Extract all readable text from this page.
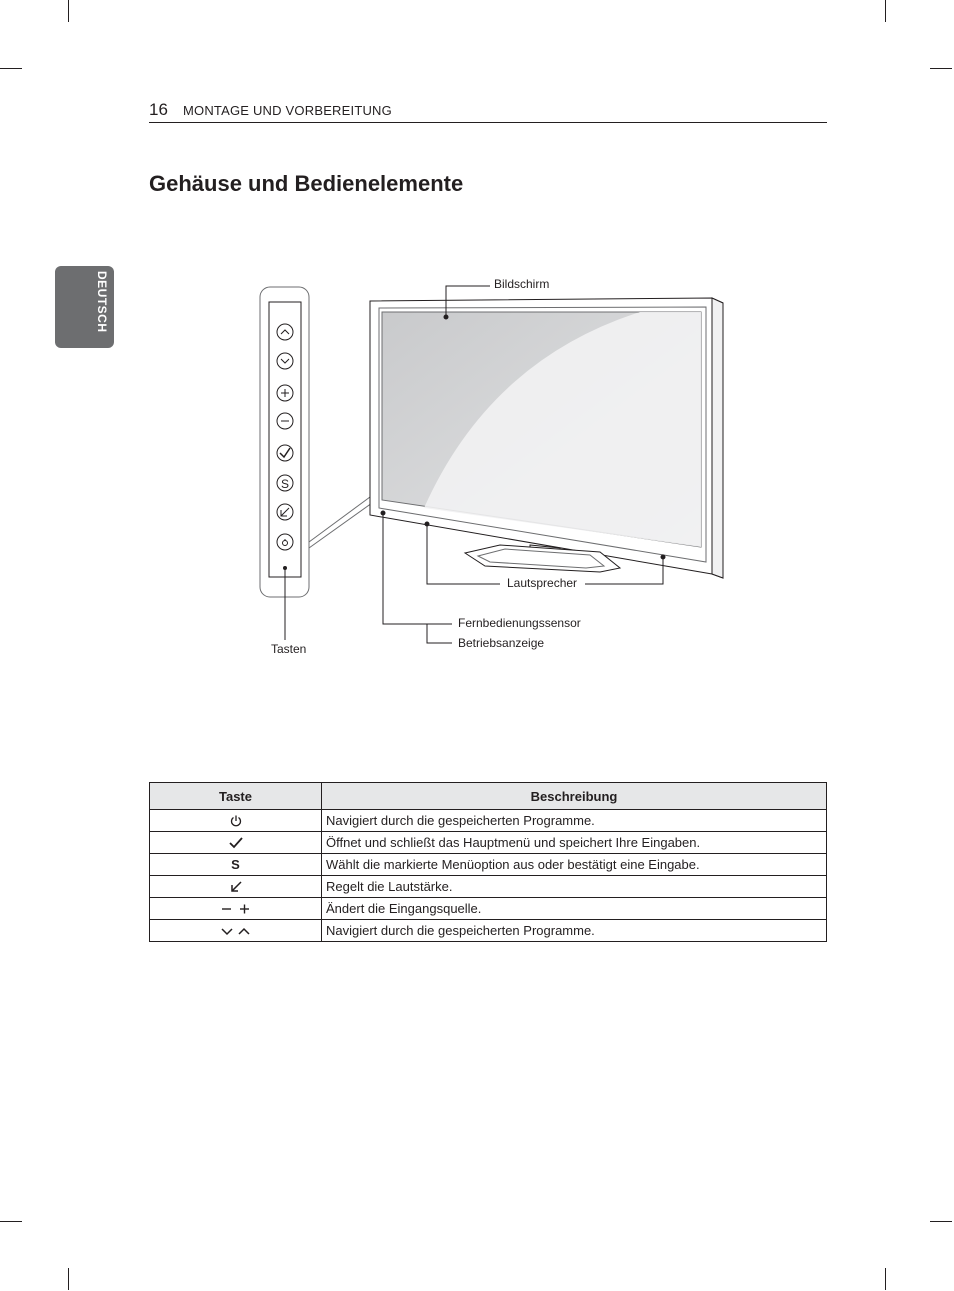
16 MONTAGE UND VORBEREITUNG
Gehäuse und Bedienelemente
DEUTSCH
S
Bildschirm
Lautsprecher
Fernbedienungssensor
Betriebsanzeige
Tasten
Taste	Beschreibung
	Navigiert durch die gespeicherten Programme.
	Öffnet und schließt das Hauptmenü und speichert Ihre Eingaben.
S	Wählt die markierte Menüoption aus oder bestätigt eine Eingabe.
	Regelt die Lautstärke.
	Ändert die Eingangsquelle.
	Navigiert durch die gespeicherten Programme.
